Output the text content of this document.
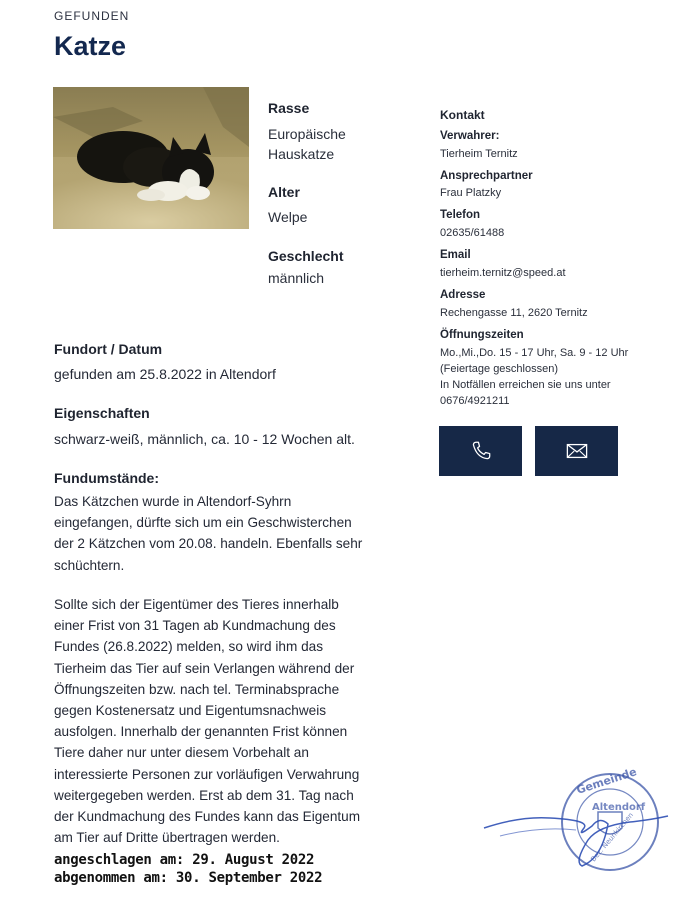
GEFUNDEN
Katze
Rasse
Europäische
Hauskatze
Alter
Welpe
Geschlecht
männlich
Kontakt
Verwahrer:
Tierheim Ternitz
Ansprechpartner
Frau Platzky
Telefon
02635/61488
Email
tierheim.ternitz@speed.at
Adresse
Rechengasse 11, 2620 Ternitz
Öffnungszeiten
Mo.,Mi.,Do. 15 - 17 Uhr, Sa. 9 - 12 Uhr
(Feiertage geschlossen)
In Notfällen erreichen sie uns unter
0676/4921211
Fundort / Datum
gefunden am 25.8.2022 in Altendorf
Eigenschaften
schwarz-weiß, männlich, ca. 10 - 12 Wochen alt.
Fundumstände:
Das Kätzchen wurde in Altendorf-Syhrn
eingefangen, dürfte sich um ein Geschwisterchen
der 2 Kätzchen vom 20.08. handeln. Ebenfalls sehr
schüchtern.
Sollte sich der Eigentümer des Tieres innerhalb
einer Frist von 31 Tagen ab Kundmachung des
Fundes (26.8.2022) melden, so wird ihm das
Tierheim das Tier auf sein Verlangen während der
Öffnungszeiten bzw. nach tel. Terminabsprache
gegen Kostenersatz und Eigentumsnachweis
ausfolgen. Innerhalb der genannten Frist können
Tiere daher nur unter diesem Vorbehalt an
interessierte Personen zur vorläufigen Verwahrung
weitergegeben werden. Erst ab dem 31. Tag nach
der Kundmachung des Fundes kann das Eigentum
am Tier auf Dritte übertragen werden.
angeschlagen am: 29. August 2022
abgenommen am: 30. September 2022
Gemeinde
Altendorf
Bez. Neunkirchen
